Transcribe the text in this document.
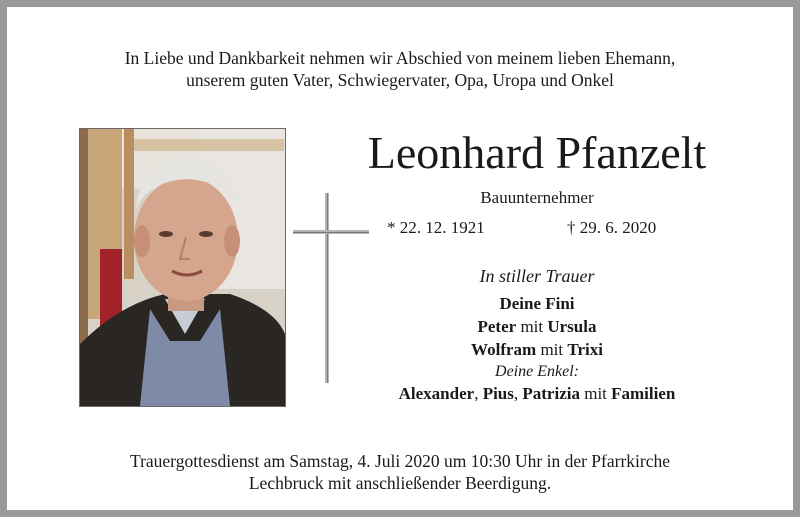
In Liebe und Dankbarkeit nehmen wir Abschied von meinem lieben Ehemann,
unserem guten Vater, Schwiegervater, Opa, Uropa und Onkel
Leonhard Pfanzelt
Bauunternehmer
* 22. 12. 1921	† 29. 6. 2020
In stiller Trauer
Deine Fini
Peter mit Ursula
Wolfram mit Trixi
Deine Enkel:
Alexander, Pius, Patrizia mit Familien
Trauergottesdienst am Samstag, 4. Juli 2020 um 10:30 Uhr in der Pfarrkirche
Lechbruck mit anschließender Beerdigung.
